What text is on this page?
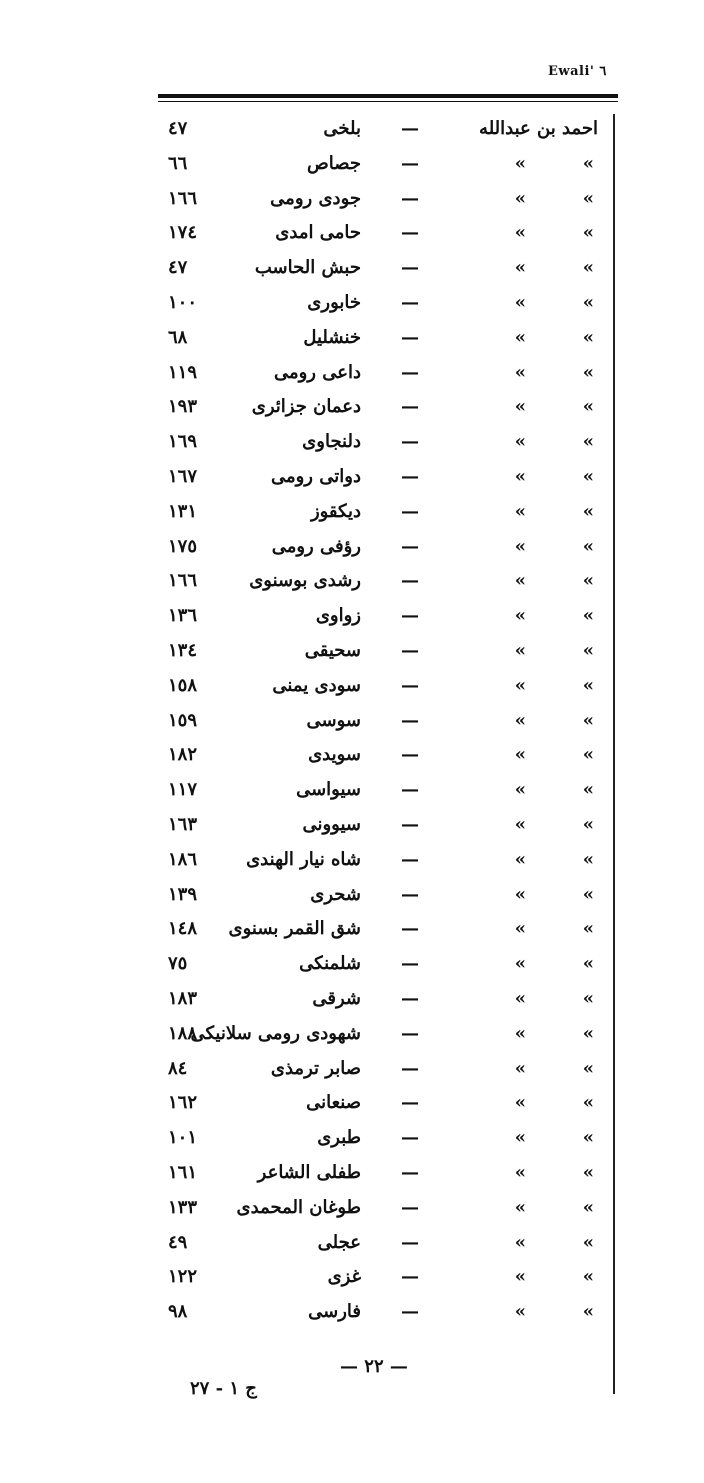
Ewali' ٦
احمد بن عبدالله
—
بلخی
٤٧
»
»
—
جصاص
٦٦
»
»
—
جودی رومی
١٦٦
»
»
—
حامی امدی
١٧٤
»
»
—
حبش الحاسب
٤٧
»
»
—
خابوری
١٠٠
»
»
—
خنشلیل
٦٨
»
»
—
داعی رومی
١١٩
»
»
—
دعمان جزائری
١٩٣
»
»
—
دلنجاوی
١٦٩
»
»
—
دواتی رومی
١٦٧
»
»
—
دیکقوز
١٣١
»
»
—
رؤفی رومی
١٧٥
»
»
—
رشدی بوسنوی
١٦٦
»
»
—
زواوی
١٣٦
»
»
—
سحیقی
١٣٤
»
»
—
سودی یمنی
١٥٨
»
»
—
سوسی
١٥٩
»
»
—
سویدی
١٨٢
»
»
—
سیواسی
١١٧
»
»
—
سیوونی
١٦٣
»
»
—
شاه نیار الهندی
١٨٦
»
»
—
شحری
١٣٩
»
»
—
شق القمر بسنوی
١٤٨
»
»
—
شلمنکی
٧٥
»
»
—
شرقی
١٨٣
»
»
—
شهودی رومی سلانیکی
١٨٨
»
»
—
صابر ترمذی
٨٤
»
»
—
صنعانی
١٦٢
»
»
—
طبری
١٠١
»
»
—
طفلی الشاعر
١٦١
»
»
—
طوغان المحمدی
١٣٣
»
»
—
عجلی
٤٩
»
»
—
غزی
١٢٢
»
»
—
فارسی
٩٨
— ٢٢ —
ج ١ - ٢٧
